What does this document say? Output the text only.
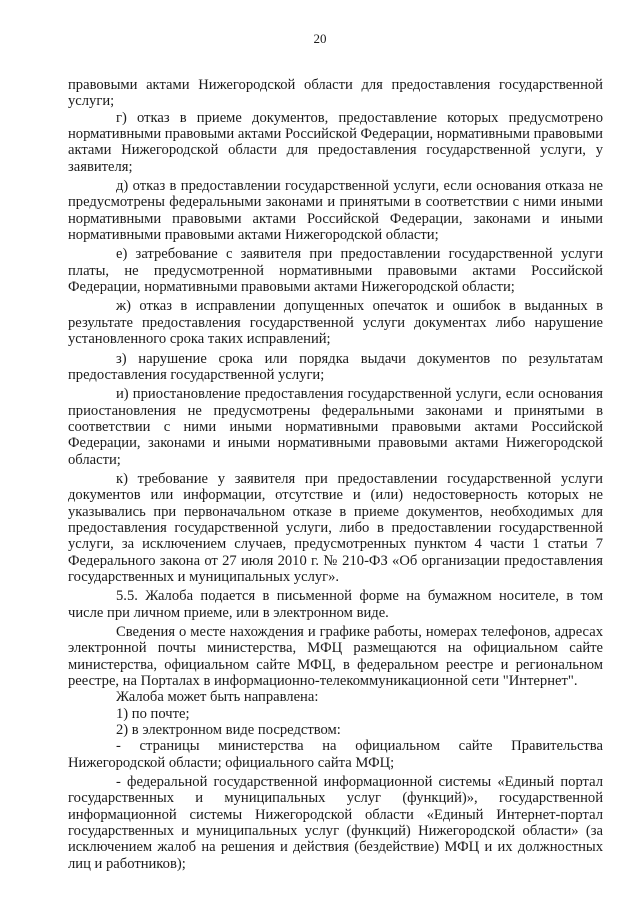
20

правовыми актами Нижегородской области для предоставления государственной услуги;

г) отказ в приеме документов, предоставление которых предусмотрено нормативными правовыми актами Российской Федерации, нормативными правовыми актами Нижегородской области для предоставления государственной услуги, у заявителя;

д) отказ в предоставлении государственной услуги, если основания отказа не предусмотрены федеральными законами и принятыми в соответствии с ними иными нормативными правовыми актами Российской Федерации, законами и иными нормативными правовыми актами Нижегородской области;

е) затребование с заявителя при предоставлении государственной услуги платы, не предусмотренной нормативными правовыми актами Российской Федерации, нормативными правовыми актами Нижегородской области;

ж) отказ в исправлении допущенных опечаток и ошибок в выданных в результате предоставления государственной услуги документах либо нарушение установленного срока таких исправлений;

з) нарушение срока или порядка выдачи документов по результатам предоставления государственной услуги;

и) приостановление предоставления государственной услуги, если основания приостановления не предусмотрены федеральными законами и принятыми в соответствии с ними иными нормативными правовыми актами Российской Федерации, законами и иными нормативными правовыми актами Нижегородской области;

к) требование у заявителя при предоставлении государственной услуги документов или информации, отсутствие и (или) недостоверность которых не указывались при первоначальном отказе в приеме документов, необходимых для предоставления государственной услуги, либо в предоставлении государственной услуги, за исключением случаев, предусмотренных пунктом 4 части 1 статьи 7 Федерального закона от 27 июля 2010 г. № 210-ФЗ «Об организации предоставления государственных и муниципальных услуг».

5.5. Жалоба подается в письменной форме на бумажном носителе, в том числе при личном приеме, или в электронном виде.

Сведения о месте нахождения и графике работы, номерах телефонов, адресах электронной почты министерства, МФЦ размещаются на официальном сайте министерства, официальном сайте МФЦ, в федеральном реестре и региональном реестре, на Порталах в информационно-телекоммуникационной сети "Интернет".

Жалоба может быть направлена:

1) по почте;

2) в электронном виде посредством:

- страницы министерства на официальном сайте Правительства Нижегородской области; официального сайта МФЦ;

- федеральной государственной информационной системы «Единый портал государственных и муниципальных услуг (функций)», государственной информационной системы Нижегородской области «Единый Интернет-портал государственных и муниципальных услуг (функций) Нижегородской области» (за исключением жалоб на решения и действия (бездействие) МФЦ и их должностных лиц и работников);
